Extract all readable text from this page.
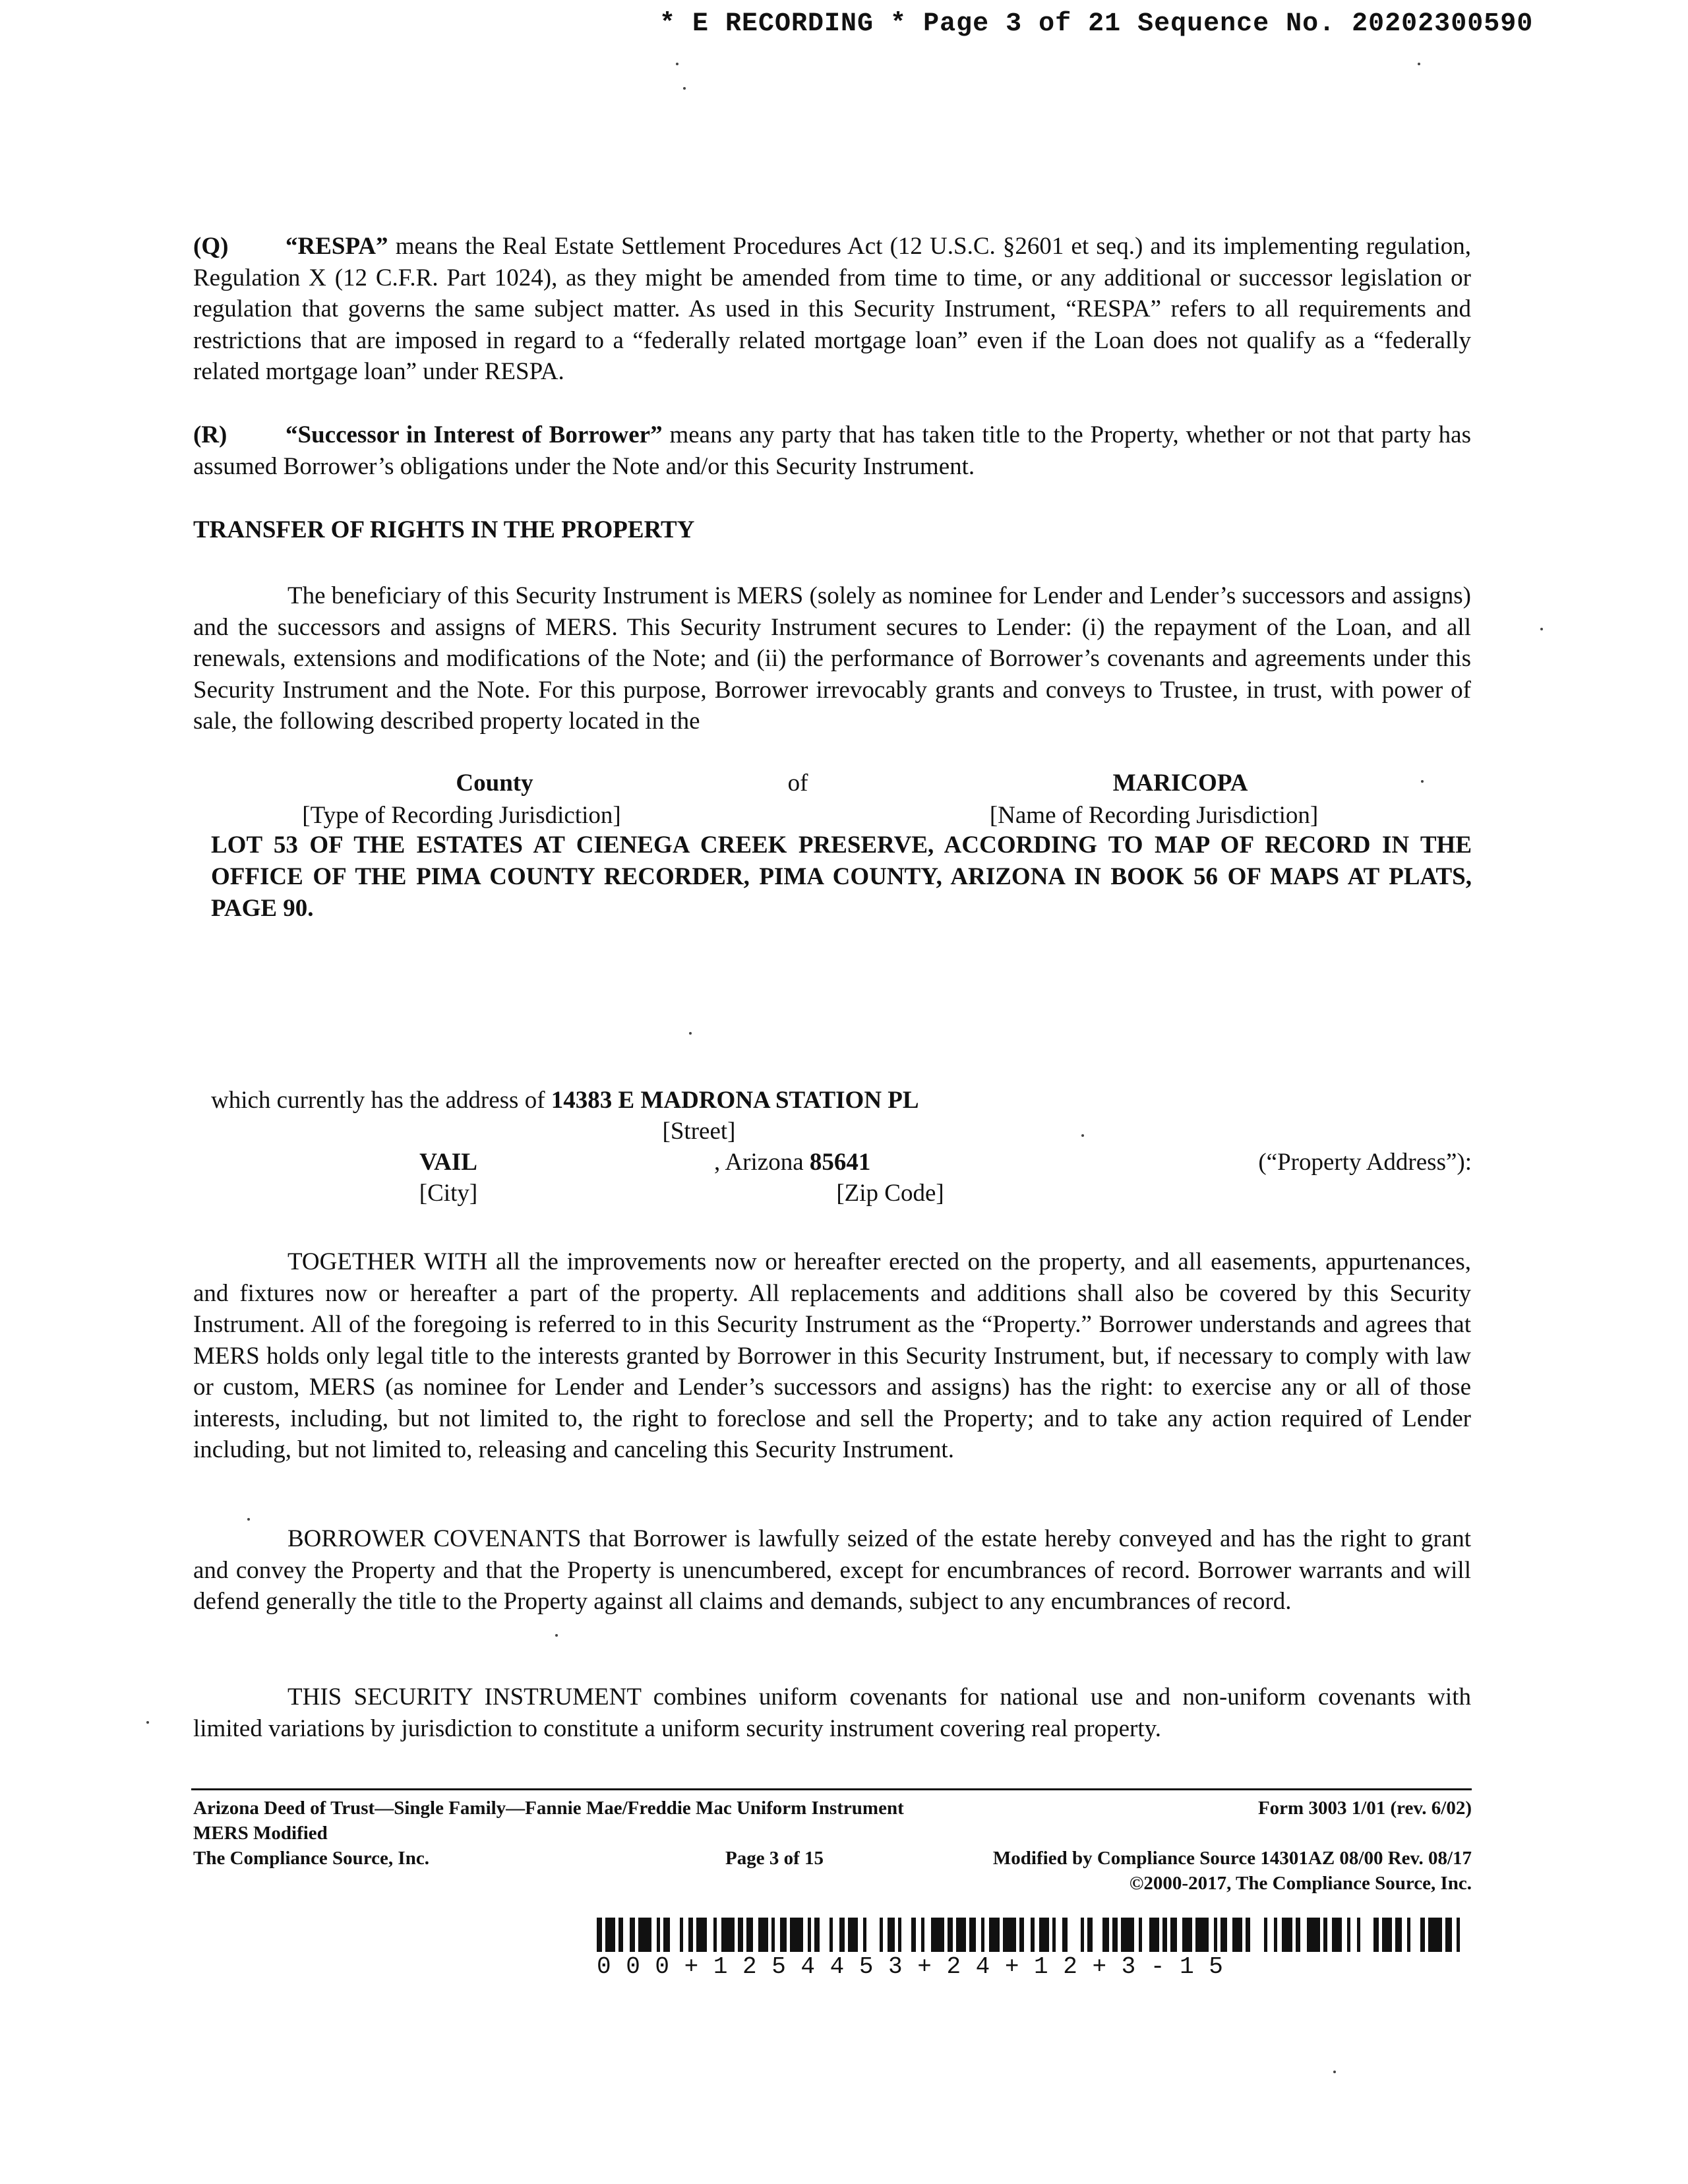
* E RECORDING * Page 3 of 21 Sequence No. 20202300590
(Q) “RESPA” means the Real Estate Settlement Procedures Act (12 U.S.C. §2601 et seq.) and its implementing regulation, Regulation X (12 C.F.R. Part 1024), as they might be amended from time to time, or any additional or successor legislation or regulation that governs the same subject matter. As used in this Security Instrument, “RESPA” refers to all requirements and restrictions that are imposed in regard to a “federally related mortgage loan” even if the Loan does not qualify as a “federally related mortgage loan” under RESPA.
(R) “Successor in Interest of Borrower” means any party that has taken title to the Property, whether or not that party has assumed Borrower’s obligations under the Note and/or this Security Instrument.
TRANSFER OF RIGHTS IN THE PROPERTY
The beneficiary of this Security Instrument is MERS (solely as nominee for Lender and Lender’s successors and assigns) and the successors and assigns of MERS. This Security Instrument secures to Lender: (i) the repayment of the Loan, and all renewals, extensions and modifications of the Note; and (ii) the performance of Borrower’s covenants and agreements under this Security Instrument and the Note. For this purpose, Borrower irrevocably grants and conveys to Trustee, in trust, with power of sale, the following described property located in the
County	of	MARICOPA
[Type of Recording Jurisdiction]	[Name of Recording Jurisdiction]
LOT 53 OF THE ESTATES AT CIENEGA CREEK PRESERVE, ACCORDING TO MAP OF RECORD IN THE OFFICE OF THE PIMA COUNTY RECORDER, PIMA COUNTY, ARIZONA IN BOOK 56 OF MAPS AT PLATS, PAGE 90.
which currently has the address of 14383 E MADRONA STATION PL
[Street]
VAIL	, Arizona 85641	(“Property Address”):
[City]	[Zip Code]
TOGETHER WITH all the improvements now or hereafter erected on the property, and all easements, appurtenances, and fixtures now or hereafter a part of the property. All replacements and additions shall also be covered by this Security Instrument. All of the foregoing is referred to in this Security Instrument as the “Property.” Borrower understands and agrees that MERS holds only legal title to the interests granted by Borrower in this Security Instrument, but, if necessary to comply with law or custom, MERS (as nominee for Lender and Lender’s successors and assigns) has the right: to exercise any or all of those interests, including, but not limited to, the right to foreclose and sell the Property; and to take any action required of Lender including, but not limited to, releasing and canceling this Security Instrument.
BORROWER COVENANTS that Borrower is lawfully seized of the estate hereby conveyed and has the right to grant and convey the Property and that the Property is unencumbered, except for encumbrances of record. Borrower warrants and will defend generally the title to the Property against all claims and demands, subject to any encumbrances of record.
THIS SECURITY INSTRUMENT combines uniform covenants for national use and non-uniform covenants with limited variations by jurisdiction to constitute a uniform security instrument covering real property.
Arizona Deed of Trust—Single Family—Fannie Mae/Freddie Mac Uniform Instrument	Form 3003 1/01 (rev. 6/02)
MERS Modified
The Compliance Source, Inc.	Page 3 of 15	Modified by Compliance Source 14301AZ 08/00 Rev. 08/17
©2000-2017, The Compliance Source, Inc.
000+1254453+24+12+3-15
